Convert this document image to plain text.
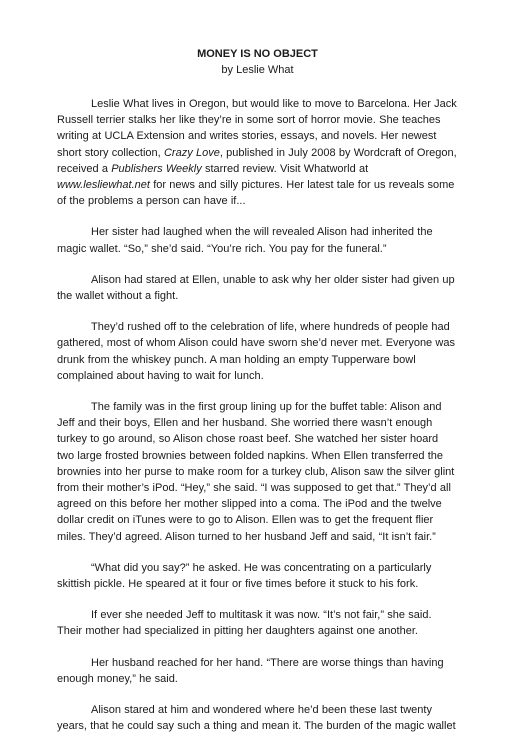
MONEY IS NO OBJECT

by Leslie What

Leslie What lives in Oregon, but would like to move to Barcelona. Her Jack Russell terrier stalks her like they’re in some sort of horror movie. She teaches writing at UCLA Extension and writes stories, essays, and novels. Her newest short story collection, Crazy Love, published in July 2008 by Wordcraft of Oregon, received a Publishers Weekly starred review. Visit Whatworld at www.lesliewhat.net for news and silly pictures. Her latest tale for us reveals some of the problems a person can have if...

Her sister had laughed when the will revealed Alison had inherited the magic wallet. “So,” she’d said. “You’re rich. You pay for the funeral.”

Alison had stared at Ellen, unable to ask why her older sister had given up the wallet without a fight.

They’d rushed off to the celebration of life, where hundreds of people had gathered, most of whom Alison could have sworn she’d never met. Everyone was drunk from the whiskey punch. A man holding an empty Tupperware bowl complained about having to wait for lunch.

The family was in the first group lining up for the buffet table: Alison and Jeff and their boys, Ellen and her husband. She worried there wasn’t enough turkey to go around, so Alison chose roast beef. She watched her sister hoard two large frosted brownies between folded napkins. When Ellen transferred the brownies into her purse to make room for a turkey club, Alison saw the silver glint from their mother’s iPod. “Hey,” she said. “I was supposed to get that.” They’d all agreed on this before her mother slipped into a coma. The iPod and the twelve dollar credit on iTunes were to go to Alison. Ellen was to get the frequent flier miles. They’d agreed. Alison turned to her husband Jeff and said, “It isn’t fair.”

“What did you say?” he asked. He was concentrating on a particularly skittish pickle. He speared at it four or five times before it stuck to his fork.

If ever she needed Jeff to multitask it was now. “It’s not fair,” she said. Their mother had specialized in pitting her daughters against one another.

Her husband reached for her hand. “There are worse things than having enough money,” he said.

Alison stared at him and wondered where he’d been these last twenty years, that he could say such a thing and mean it. The burden of the magic wallet
